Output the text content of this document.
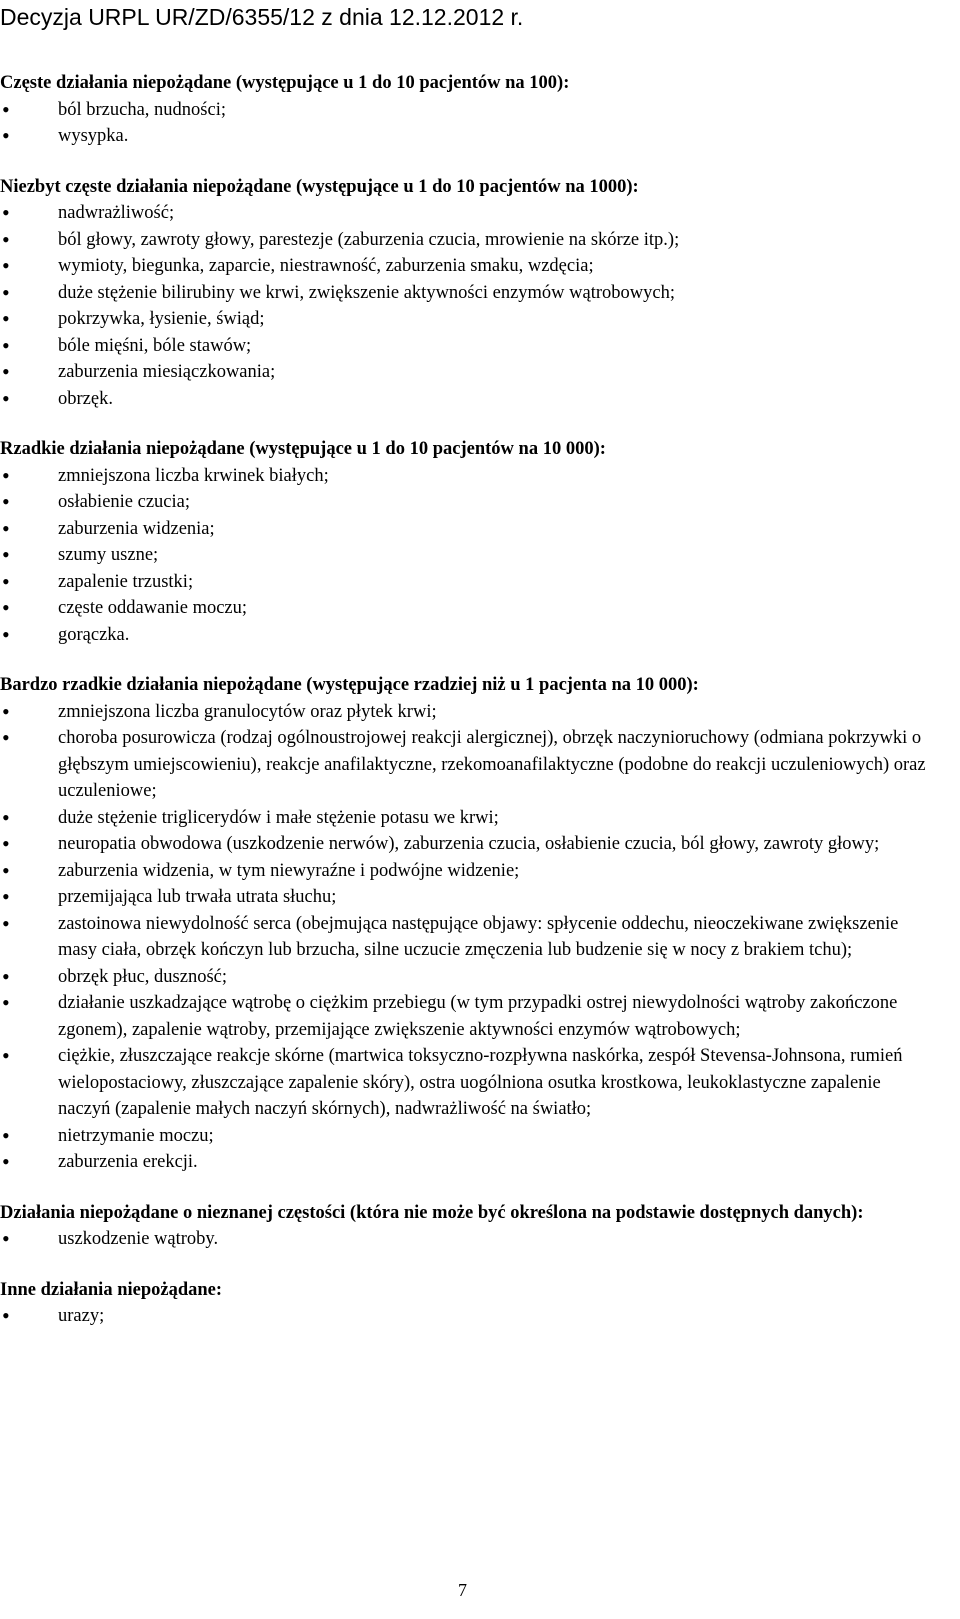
Decyzja URPL UR/ZD/6355/12 z dnia 12.12.2012 r.

Częste działania niepożądane (występujące u 1 do 10 pacjentów na 100):

• ból brzucha, nudności;
• wysypka.

Niezbyt częste działania niepożądane (występujące u 1 do 10 pacjentów na 1000):

• nadwrażliwość;
• ból głowy, zawroty głowy, parestezje (zaburzenia czucia, mrowienie na skórze itp.);
• wymioty, biegunka, zaparcie, niestrawność, zaburzenia smaku, wzdęcia;
• duże stężenie bilirubiny we krwi, zwiększenie aktywności enzymów wątrobowych;
• pokrzywka, łysienie, świąd;
• bóle mięśni, bóle stawów;
• zaburzenia miesiączkowania;
• obrzęk.

Rzadkie działania niepożądane (występujące u 1 do 10 pacjentów na 10 000):

• zmniejszona liczba krwinek białych;
• osłabienie czucia;
• zaburzenia widzenia;
• szumy uszne;
• zapalenie trzustki;
• częste oddawanie moczu;
• gorączka.

Bardzo rzadkie działania niepożądane (występujące rzadziej niż u 1 pacjenta na 10 000):

• zmniejszona liczba granulocytów oraz płytek krwi;
• choroba posurowicza (rodzaj ogólnoustrojowej reakcji alergicznej), obrzęk naczynioruchowy (odmiana pokrzywki o głębszym umiejscowieniu), reakcje anafilaktyczne, rzekomoanafilaktyczne (podobne do reakcji uczuleniowych) oraz uczuleniowe;
• duże stężenie triglicerydów i małe stężenie potasu we krwi;
• neuropatia obwodowa (uszkodzenie nerwów), zaburzenia czucia, osłabienie czucia, ból głowy, zawroty głowy;
• zaburzenia widzenia, w tym niewyraźne i podwójne widzenie;
• przemijająca lub trwała utrata słuchu;
• zastoinowa niewydolność serca (obejmująca następujące objawy: spłycenie oddechu, nieoczekiwane zwiększenie masy ciała, obrzęk kończyn lub brzucha, silne uczucie zmęczenia lub budzenie się w nocy z brakiem tchu);
• obrzęk płuc, duszność;
• działanie uszkadzające wątrobę o ciężkim przebiegu (w tym przypadki ostrej niewydolności wątroby zakończone zgonem), zapalenie wątroby, przemijające zwiększenie aktywności enzymów wątrobowych;
• ciężkie, złuszczające reakcje skórne (martwica toksyczno-rozpływna naskórka, zespół Stevensa-Johnsona, rumień wielopostaciowy, złuszczające zapalenie skóry), ostra uogólniona osutka krostkowa, leukoklastyczne zapalenie naczyń (zapalenie małych naczyń skórnych), nadwrażliwość na światło;
• nietrzymanie moczu;
• zaburzenia erekcji.

Działania niepożądane o nieznanej częstości (która nie może być określona na podstawie dostępnych danych):

• uszkodzenie wątroby.

Inne działania niepożądane:

• urazy;
7
